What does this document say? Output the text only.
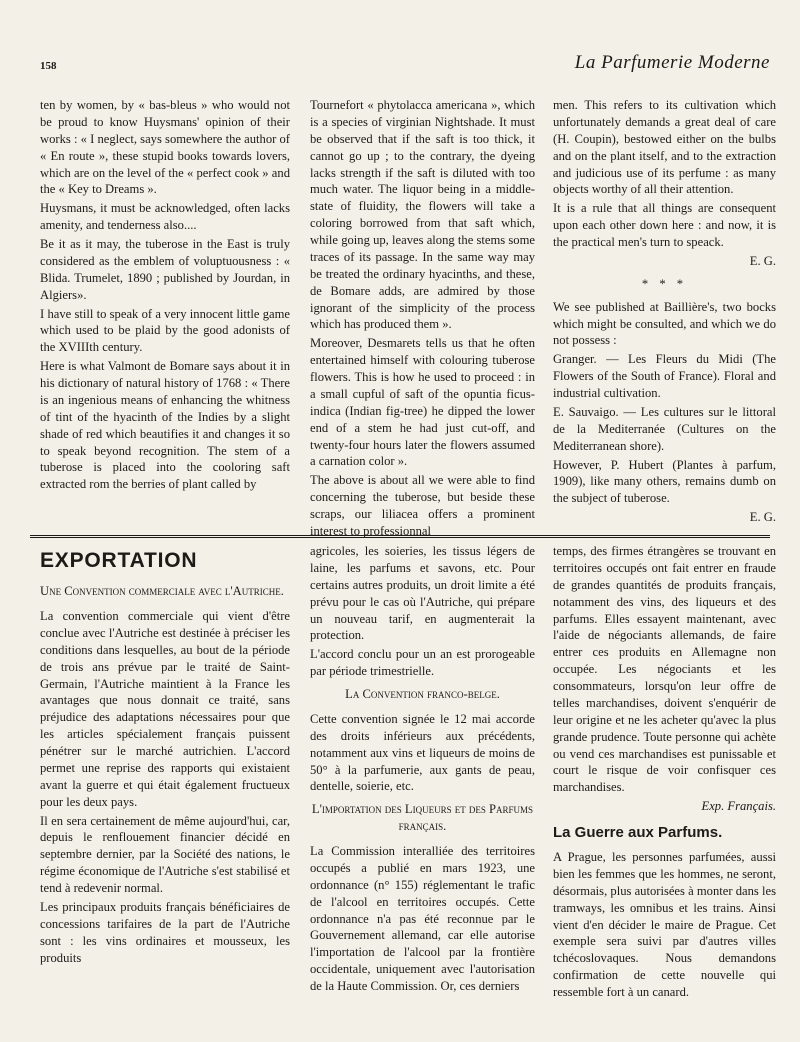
158	La Parfumerie Moderne

ten by women, by « bas-bleus » who would not be proud to know Huysmans' opinion of their works : « I neglect, says somewhere the author of « En route », these stupid books towards lovers, which are on the level of the « perfect cook » and the « Key to Dreams ».

Huysmans, it must be acknowledged, often lacks amenity, and tenderness also....

Be it as it may, the tuberose in the East is truly considered as the emblem of voluptuousness : « Blida. Trumelet, 1890 ; published by Jourdan, in Algiers».

I have still to speak of a very innocent little game which used to be plaid by the good adonists of the XVIIIth century.

Here is what Valmont de Bomare says about it in his dictionary of natural history of 1768 : « There is an ingenious means of enhancing the whitness of tint of the hyacinth of the Indies by a slight shade of red which beautifies it and changes it so to speak beyond recognition. The stem of a tuberose is placed into the cooloring saft extracted rom the berries of plant called by

Tournefort « phytolacca americana », which is a species of virginian Nightshade. It must be observed that if the saft is too thick, it cannot go up ; to the contrary, the dyeing lacks strength if the saft is diluted with too much water. The liquor being in a middle-state of fluidity, the flowers will take a coloring borrowed from that saft which, while going up, leaves along the stems some traces of its passage. In the same way may be treated the ordinary hyacinths, and these, de Bomare adds, are admired by those ignorant of the simplicity of the process which has produced them ».

Moreover, Desmarets tells us that he often entertained himself with colouring tuberose flowers. This is how he used to proceed : in a small cupful of saft of the opuntia ficus-indica (Indian fig-tree) he dipped the lower end of a stem he had just cut-off, and twenty-four hours later the flowers assumed a carnation color ».

The above is about all we were able to find concerning the tuberose, but beside these scraps, our liliacea offers a prominent interest to professionnal

men. This refers to its cultivation which unfortunately demands a great deal of care (H. Coupin), bestowed either on the bulbs and on the plant itself, and to the extraction and judicious use of its perfume : as many objects worthy of all their attention.

It is a rule that all things are consequent upon each other down here : and now, it is the practical men's turn to speack.

E. G.

* * *

We see published at Baillière's, two bocks which might be consulted, and which we do not possess :

Granger. — Les Fleurs du Midi (The Flowers of the South of France). Floral and industrial cultivation.

E. Sauvaigo. — Les cultures sur le littoral de la Mediterranée (Cultures on the Mediterranean shore).

However, P. Hubert (Plantes à parfum, 1909), like many others, remains dumb on the subject of tuberose.

E. G.

EXPORTATION

Une Convention commerciale avec l'Autriche.

La convention commerciale qui vient d'être conclue avec l'Autriche est destinée à préciser les conditions dans lesquelles, au bout de la période de trois ans prévue par le traité de Saint-Germain, l'Autriche maintient à la France les avantages que nous donnait ce traité, sans préjudice des adaptations nécessaires pour que les articles spécialement français puissent pénétrer sur le marché autrichien. L'accord permet une reprise des rapports qui existaient avant la guerre et qui était également fructueux pour les deux pays.

Il en sera certainement de même aujourd'hui, car, depuis le renflouement financier décidé en septembre dernier, par la Société des nations, le régime économique de l'Autriche s'est stabilisé et tend à redevenir normal.

Les principaux produits français bénéficiaires de concessions tarifaires de la part de l'Autriche sont : les vins ordinaires et mousseux, les produits

agricoles, les soieries, les tissus légers de laine, les parfums et savons, etc. Pour certains autres produits, un droit limite a été prévu pour le cas où l'Autriche, qui prépare un nouveau tarif, en augmenterait la protection.

L'accord conclu pour un an est prorogeable par période trimestrielle.

La Convention franco-belge.

Cette convention signée le 12 mai accorde des droits inférieurs aux précédents, notamment aux vins et liqueurs de moins de 50° à la parfumerie, aux gants de peau, dentelle, soierie, etc.

L'importation des Liqueurs et des Parfums français.

La Commission interalliée des territoires occupés a publié en mars 1923, une ordonnance (n° 155) réglementant le trafic de l'alcool en territoires occupés. Cette ordonnance n'a pas été reconnue par le Gouvernement allemand, car elle autorise l'importation de l'alcool par la frontière occidentale, uniquement avec l'autorisation de la Haute Commission. Or, ces derniers

temps, des firmes étrangères se trouvant en territoires occupés ont fait entrer en fraude de grandes quantités de produits français, notamment des vins, des liqueurs et des parfums. Elles essayent maintenant, avec l'aide de négociants allemands, de faire entrer ces produits en Allemagne non occupée. Les négociants et les consommateurs, lorsqu'on leur offre de telles marchandises, doivent s'enquérir de leur origine et ne les acheter qu'avec la plus grande prudence. Toute personne qui achète ou vend ces marchandises est punissable et court le risque de voir confisquer ces marchandises.

Exp. Français.

La Guerre aux Parfums.

A Prague, les personnes parfumées, aussi bien les femmes que les hommes, ne seront, désormais, plus autorisées à monter dans les tramways, les omnibus et les trains. Ainsi vient d'en décider le maire de Prague. Cet exemple sera suivi par d'autres villes tchécoslovaques. Nous demandons confirmation de cette nouvelle qui ressemble fort à un canard.
